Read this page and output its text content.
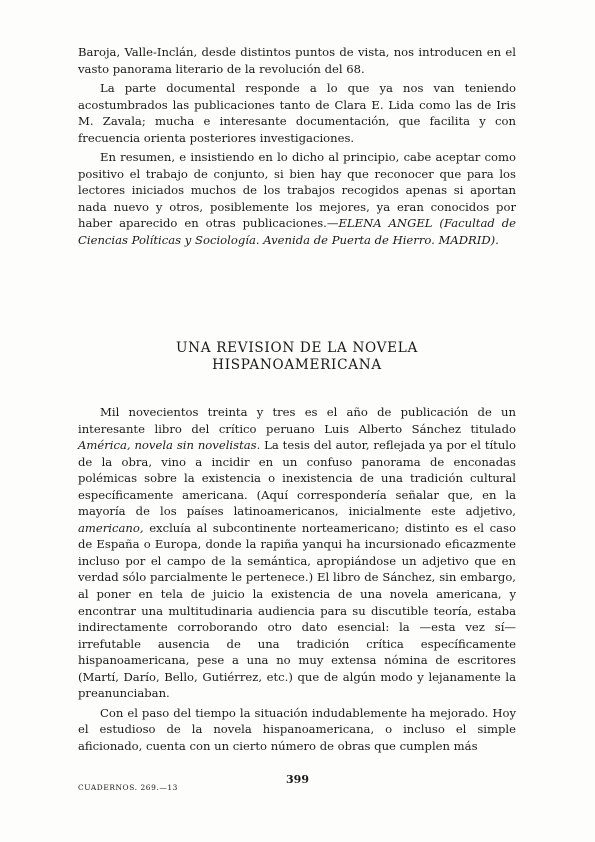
Baroja, Valle-Inclán, desde distintos puntos de vista, nos introducen en el vasto panorama literario de la revolución del 68.

La parte documental responde a lo que ya nos van teniendo acostumbrados las publicaciones tanto de Clara E. Lida como las de Iris M. Zavala; mucha e interesante documentación, que facilita y con frecuencia orienta posteriores investigaciones.

En resumen, e insistiendo en lo dicho al principio, cabe aceptar como positivo el trabajo de conjunto, si bien hay que reconocer que para los lectores iniciados muchos de los trabajos recogidos apenas si aportan nada nuevo y otros, posiblemente los mejores, ya eran conocidos por haber aparecido en otras publicaciones.—ELENA ANGEL (Facultad de Ciencias Políticas y Sociología. Avenida de Puerta de Hierro. MADRID).

UNA REVISION DE LA NOVELA
HISPANOAMERICANA

Mil novecientos treinta y tres es el año de publicación de un interesante libro del crítico peruano Luis Alberto Sánchez titulado América, novela sin novelistas. La tesis del autor, reflejada ya por el título de la obra, vino a incidir en un confuso panorama de enconadas polémicas sobre la existencia o inexistencia de una tradición cultural específicamente americana. (Aquí correspondería señalar que, en la mayoría de los países latinoamericanos, inicialmente este adjetivo, americano, excluía al subcontinente norteamericano; distinto es el caso de España o Europa, donde la rapiña yanqui ha incursionado eficazmente incluso por el campo de la semántica, apropiándose un adjetivo que en verdad sólo parcialmente le pertenece.) El libro de Sánchez, sin embargo, al poner en tela de juicio la existencia de una novela americana, y encontrar una multitudinaria audiencia para su discutible teoría, estaba indirectamente corroborando otro dato esencial: la —esta vez sí— irrefutable ausencia de una tradición crítica específicamente hispanoamericana, pese a una no muy extensa nómina de escritores (Martí, Darío, Bello, Gutiérrez, etc.) que de algún modo y lejanamente la preanunciaban.

Con el paso del tiempo la situación indudablemente ha mejorado. Hoy el estudioso de la novela hispanoamericana, o incluso el simple aficionado, cuenta con un cierto número de obras que cumplen más

399
CUADERNOS. 269.—13
